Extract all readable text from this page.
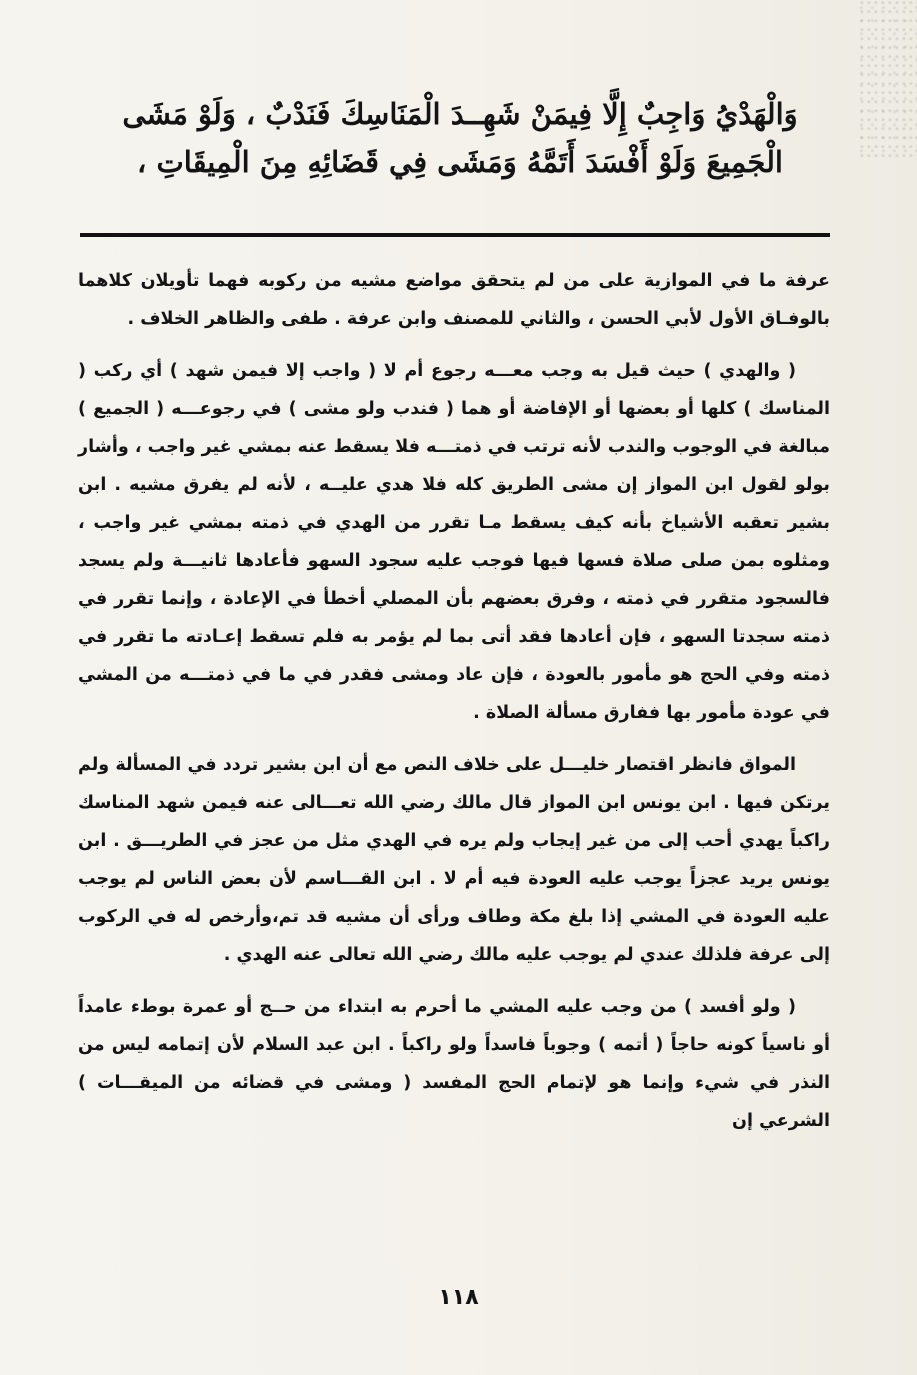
وَالْهَدْيُ وَاجِبٌ إِلَّا فِيمَنْ شَهِــدَ الْمَنَاسِكَ فَنَدْبٌ ، وَلَوْ مَشَى

الْجَمِيعَ وَلَوْ أَفْسَدَ أَتَمَّهُ وَمَشَى فِي قَضَائِهِ مِنَ الْمِيقَاتِ ،

عرفة ما في الموازية على من لم يتحقق مواضع مشيه من ركوبه فهما تأويلان كلاهما بالوفـاق الأول لأبي الحسن ، والثاني للمصنف وابن عرفة . طفى والظاهر الخلاف .

( والهدي ) حيث قيل به وجب معـــه رجوع أم لا ( واجب إلا فيمن شهد ) أي ركب ( المناسك ) كلها أو بعضها أو الإفاضة أو هما ( فندب ولو مشى ) في رجوعـــه ( الجميع ) مبالغة في الوجوب والندب لأنه ترتب في ذمتـــه فلا يسقط عنه بمشي غير واجب ، وأشار بولو لقول ابن المواز إن مشى الطريق كله فلا هدي عليــه ، لأنه لم يفرق مشيه . ابن بشير تعقبه الأشياخ بأنه كيف يسقط مـا تقرر من الهدي في ذمته بمشي غير واجب ، ومثلوه بمن صلى صلاة فسها فيها فوجب عليه سجود السهو فأعادها ثانيـــة ولم يسجد فالسجود متقرر في ذمته ، وفرق بعضهم بأن المصلي أخطأ في الإعادة ، وإنما تقرر في ذمته سجدتا السهو ، فإن أعادها فقد أتى بما لم يؤمر به فلم تسقط إعـادته ما تقرر في ذمته وفي الحج هو مأمور بالعودة ، فإن عاد ومشى فقدر في ما في ذمتـــه من المشي في عودة مأمور بها ففارق مسألة الصلاة .

المواق فانظر اقتصار خليـــل على خلاف النص مع أن ابن بشير تردد في المسألة ولم يرتكن فيها . ابن يونس ابن المواز قال مالك رضي الله تعـــالى عنه فيمن شهد المناسك راكباً يهدي أحب إلى من غير إيجاب ولم يره في الهدي مثل من عجز في الطريـــق . ابن يونس يريد عجزاً يوجب عليه العودة فيه أم لا . ابن القـــاسم لأن بعض الناس لم يوجب عليه العودة في المشي إذا بلغ مكة وطاف ورأى أن مشيه قد تم،وأرخص له في الركوب إلى عرفة فلذلك عندي لم يوجب عليه مالك رضي الله تعالى عنه الهدي .

( ولو أفسد ) من وجب عليه المشي ما أحرم به ابتداء من حــج أو عمرة بوطء عامداً أو ناسياً كونه حاجاً ( أتمه ) وجوباً فاسداً ولو راكباً . ابن عبد السلام لأن إتمامه ليس من النذر في شيء وإنما هو لإتمام الحج المفسد ( ومشى في قضائه من الميقـــات ) الشرعي إن

١١٨
